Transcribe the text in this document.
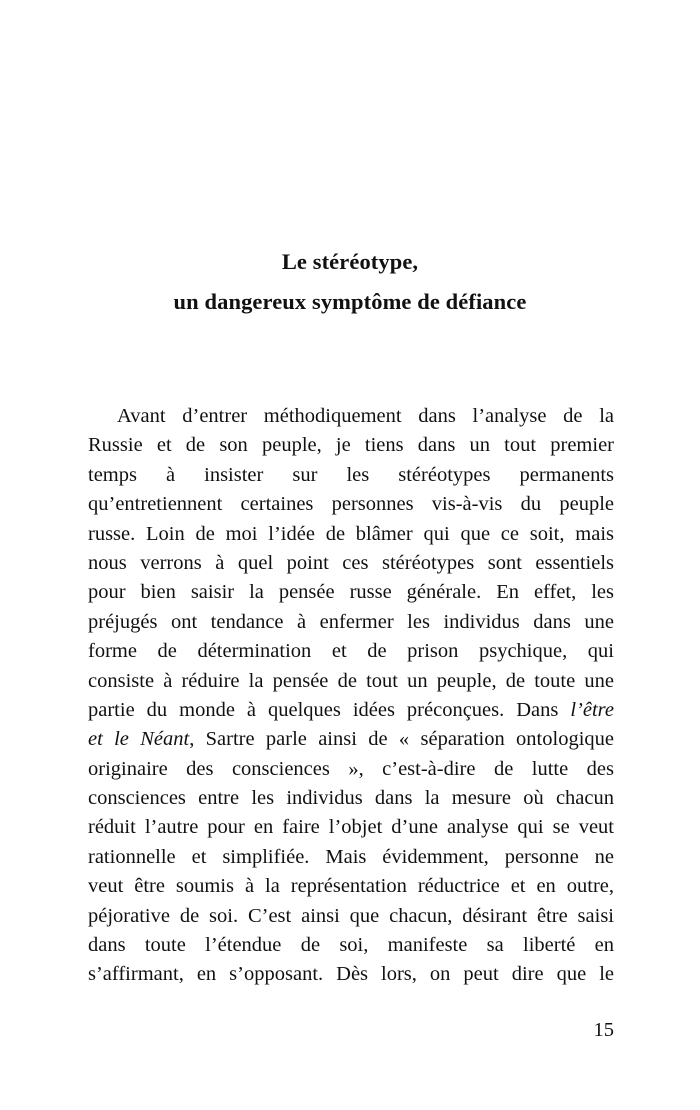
Le stéréotype,
un dangereux symptôme de défiance
Avant d’entrer méthodiquement dans l’analyse de la
Russie et de son peuple, je tiens dans un tout premier
temps à insister sur les stéréotypes permanents
qu’entretiennent certaines personnes vis-à-vis du peuple
russe. Loin de moi l’idée de blâmer qui que ce soit, mais
nous verrons à quel point ces stéréotypes sont essentiels
pour bien saisir la pensée russe générale. En effet, les
préjugés ont tendance à enfermer les individus dans une
forme de détermination et de prison psychique, qui
consiste à réduire la pensée de tout un peuple, de toute une
partie du monde à quelques idées préconçues. Dans l’être
et le Néant, Sartre parle ainsi de « séparation ontologique
originaire des consciences », c’est-à-dire de lutte des
consciences entre les individus dans la mesure où chacun
réduit l’autre pour en faire l’objet d’une analyse qui se veut
rationnelle et simplifiée. Mais évidemment, personne ne
veut être soumis à la représentation réductrice et en outre,
péjorative de soi. C’est ainsi que chacun, désirant être saisi
dans toute l’étendue de soi, manifeste sa liberté en
s’affirmant, en s’opposant. Dès lors, on peut dire que le
15
